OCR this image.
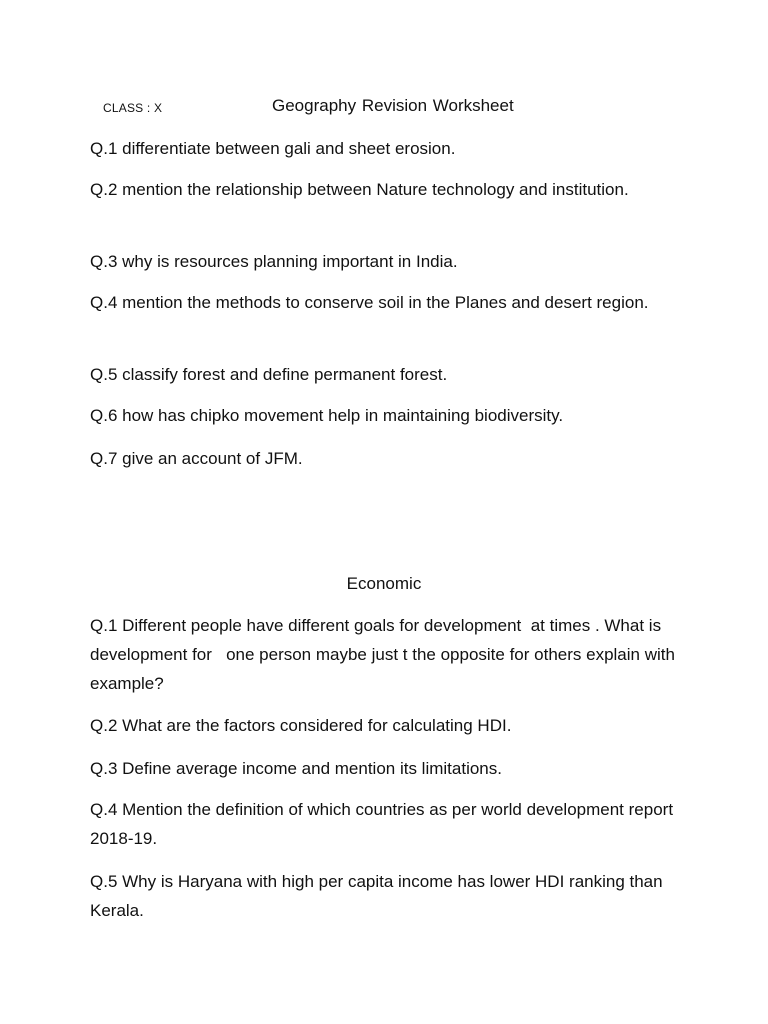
CLASS : X	Geography Revision Worksheet

Q.1 differentiate between gali and sheet erosion.

Q.2 mention the relationship between Nature technology and institution.

Q.3 why is resources planning important in India.

Q.4 mention the methods to conserve soil in the Planes and desert region.

Q.5 classify forest and define permanent forest.

Q.6 how has chipko movement help in maintaining biodiversity.

Q.7 give an account of JFM.

Economic

Q.1 Different people have different goals for development  at times . What is development for   one person maybe just t the opposite for others explain with example?

Q.2 What are the factors considered for calculating HDI.

Q.3 Define average income and mention its limitations.

Q.4 Mention the definition of which countries as per world development report 2018-19.

Q.5 Why is Haryana with high per capita income has lower HDI ranking than Kerala.
